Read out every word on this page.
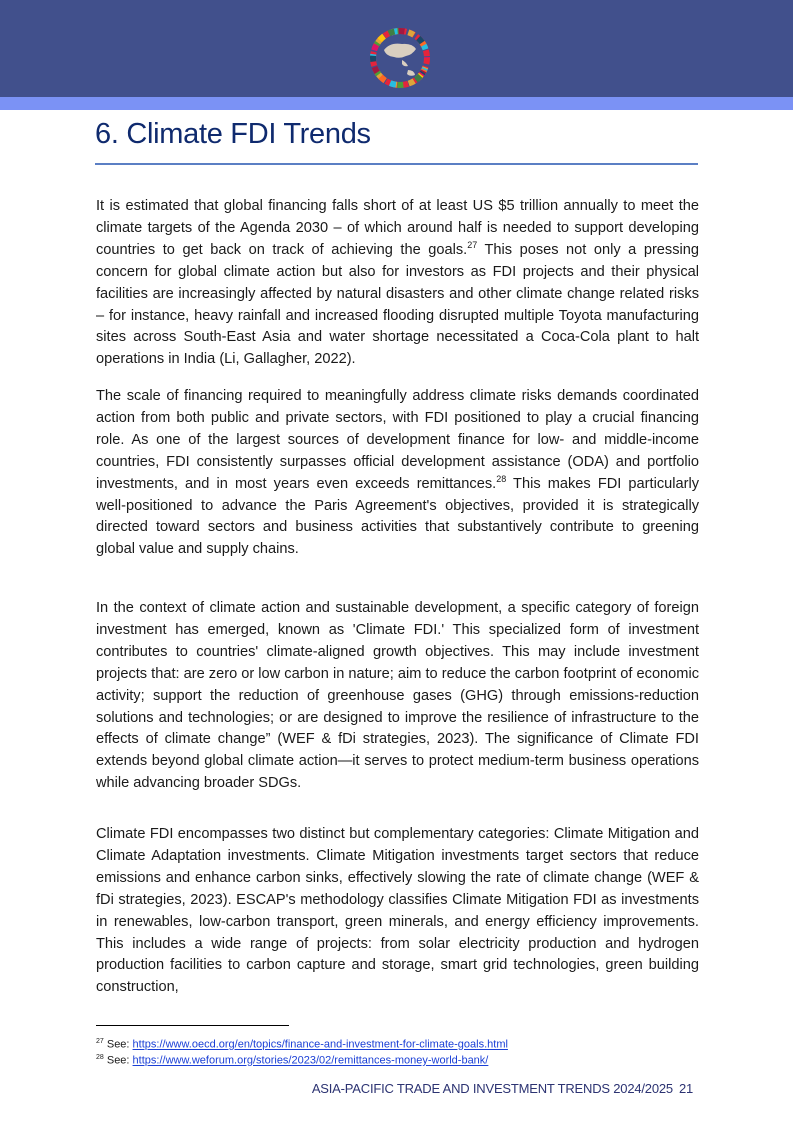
6. Climate FDI Trends

It is estimated that global financing falls short of at least US $5 trillion annually to meet the climate targets of the Agenda 2030 – of which around half is needed to support developing countries to get back on track of achieving the goals.$^{27}$ This poses not only a pressing concern for global climate action but also for investors as FDI projects and their physical facilities are increasingly affected by natural disasters and other climate change related risks – for instance, heavy rainfall and increased flooding disrupted multiple Toyota manufacturing sites across South-East Asia and water shortage necessitated a Coca-Cola plant to halt operations in India (Li, Gallagher, 2022).

The scale of financing required to meaningfully address climate risks demands coordinated action from both public and private sectors, with FDI positioned to play a crucial financing role. As one of the largest sources of development finance for low- and middle-income countries, FDI consistently surpasses official development assistance (ODA) and portfolio investments, and in most years even exceeds remittances.$^{28}$ This makes FDI particularly well-positioned to advance the Paris Agreement's objectives, provided it is strategically directed toward sectors and business activities that substantively contribute to greening global value and supply chains.

In the context of climate action and sustainable development, a specific category of foreign investment has emerged, known as 'Climate FDI.' This specialized form of investment contributes to countries' climate-aligned growth objectives. This may include investment projects that: are zero or low carbon in nature; aim to reduce the carbon footprint of economic activity; support the reduction of greenhouse gases (GHG) through emissions-reduction solutions and technologies; or are designed to improve the resilience of infrastructure to the effects of climate change” (WEF & fDi strategies, 2023). The significance of Climate FDI extends beyond global climate action—it serves to protect medium-term business operations while advancing broader SDGs.

Climate FDI encompasses two distinct but complementary categories: Climate Mitigation and Climate Adaptation investments. Climate Mitigation investments target sectors that reduce emissions and enhance carbon sinks, effectively slowing the rate of climate change (WEF & fDi strategies, 2023). ESCAP's methodology classifies Climate Mitigation FDI as investments in renewables, low-carbon transport, green minerals, and energy efficiency improvements. This includes a wide range of projects: from solar electricity production and hydrogen production facilities to carbon capture and storage, smart grid technologies, green building construction,

$^{27}$ See: https://www.oecd.org/en/topics/finance-and-investment-for-climate-goals.html
$^{28}$ See: https://www.weforum.org/stories/2023/02/remittances-money-world-bank/
ASIA-PACIFIC TRADE AND INVESTMENT TRENDS 2024/2025 21
